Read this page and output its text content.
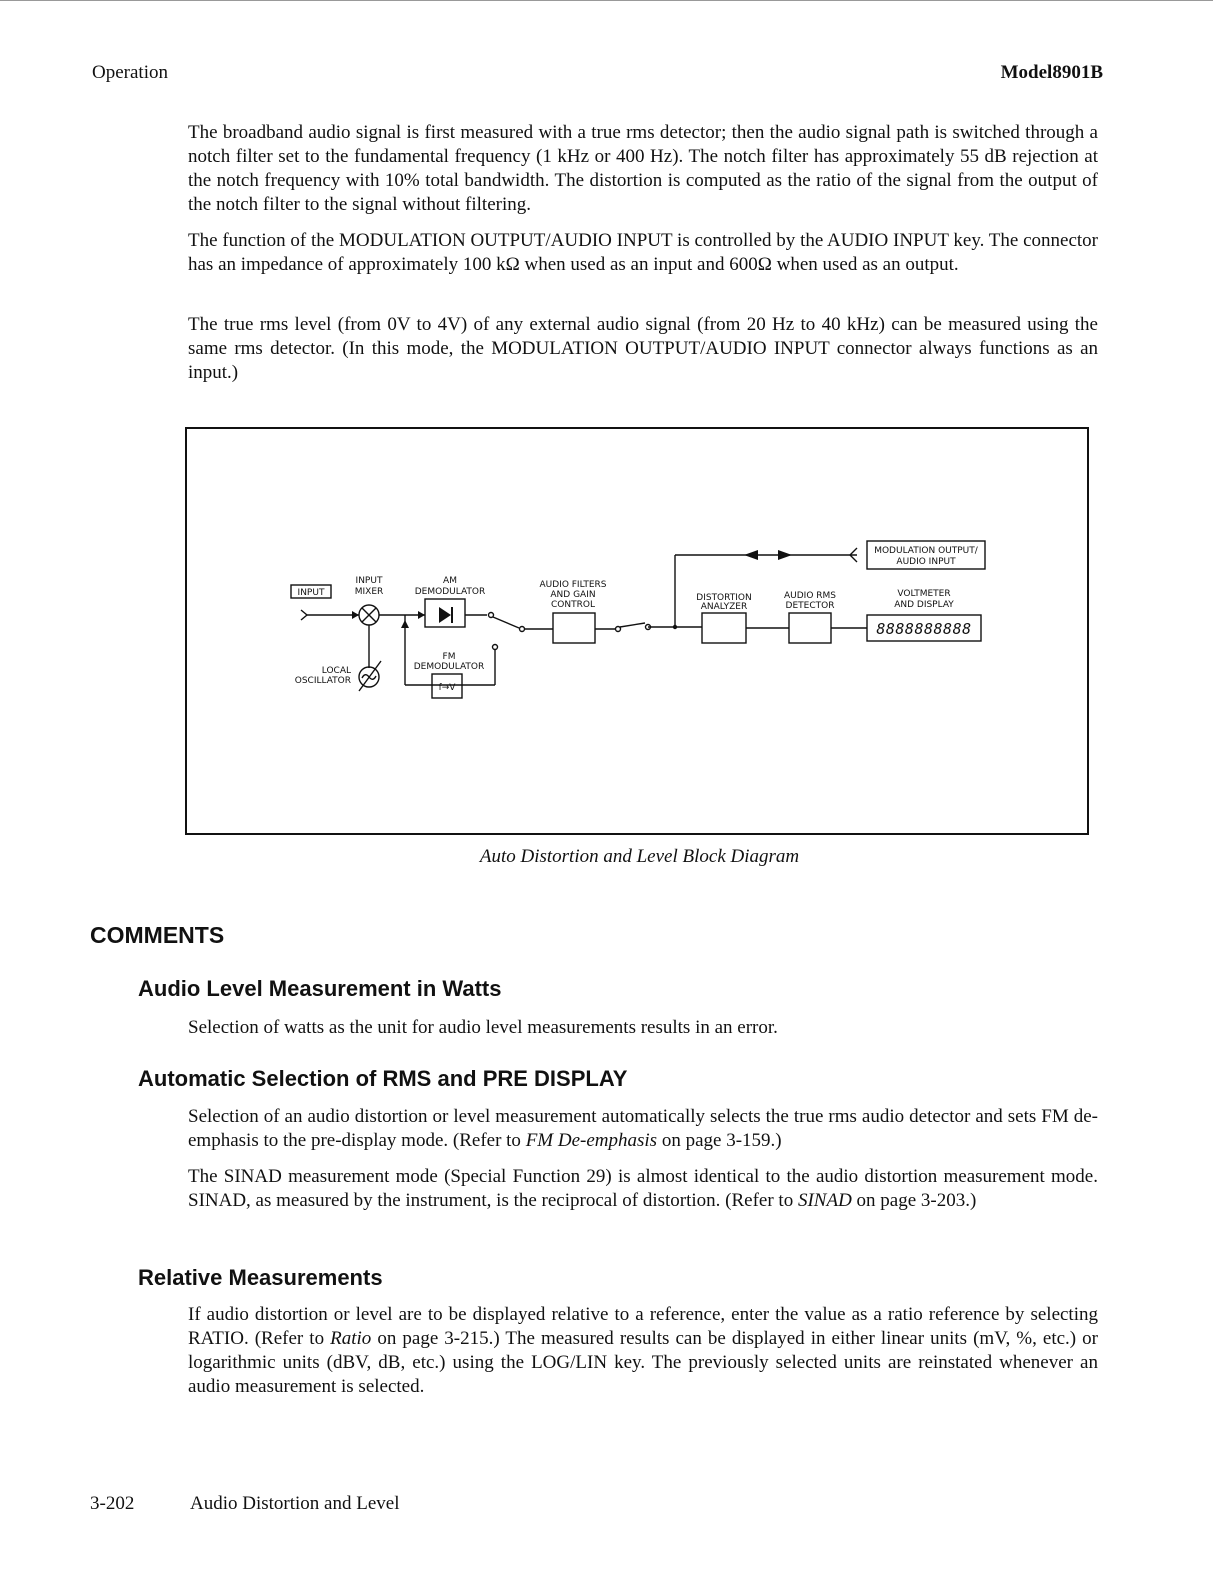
Operation	Model8901B

The broadband audio signal is first measured with a true rms detector; then the audio signal path is switched through a notch filter set to the fundamental frequency (1 kHz or 400 Hz). The notch filter has approximately 55 dB rejection at the notch frequency with 10% total bandwidth. The distortion is computed as the ratio of the signal from the output of the notch filter to the signal without filtering.

The function of the MODULATION OUTPUT/AUDIO INPUT is controlled by the AUDIO INPUT key. The connector has an impedance of approximately 100 kΩ when used as an input and 600Ω when used as an output.

The true rms level (from 0V to 4V) of any external audio signal (from 20 Hz to 40 kHz) can be measured using the same rms detector. (In this mode, the MODULATION OUTPUT/AUDIO INPUT connector always functions as an input.)

INPUT
INPUT
MIXER
AM
DEMODULATOR
AUDIO FILTERS
AND GAIN
CONTROL
DISTORTION
ANALYZER
AUDIO RMS
DETECTOR
MODULATION OUTPUT/
AUDIO INPUT
VOLTMETER
AND DISPLAY
8888888888
LOCAL
OSCILLATOR
FM
DEMODULATOR
f→V
Auto Distortion and Level Block Diagram
COMMENTS
Audio Level Measurement in Watts

Selection of watts as the unit for audio level measurements results in an error.

Automatic Selection of RMS and PRE DISPLAY

Selection of an audio distortion or level measurement automatically selects the true rms audio detector and sets FM de-emphasis to the pre-display mode. (Refer to FM De-emphasis on page 3-159.)

The SINAD measurement mode (Special Function 29) is almost identical to the audio distortion measurement mode. SINAD, as measured by the instrument, is the reciprocal of distortion. (Refer to SINAD on page 3-203.)

Relative Measurements

If audio distortion or level are to be displayed relative to a reference, enter the value as a ratio reference by selecting RATIO. (Refer to Ratio on page 3-215.) The measured results can be displayed in either linear units (mV, %, etc.) or logarithmic units (dBV, dB, etc.) using the LOG/LIN key. The previously selected units are reinstated whenever an audio measurement is selected.

3-202	Audio Distortion and Level
